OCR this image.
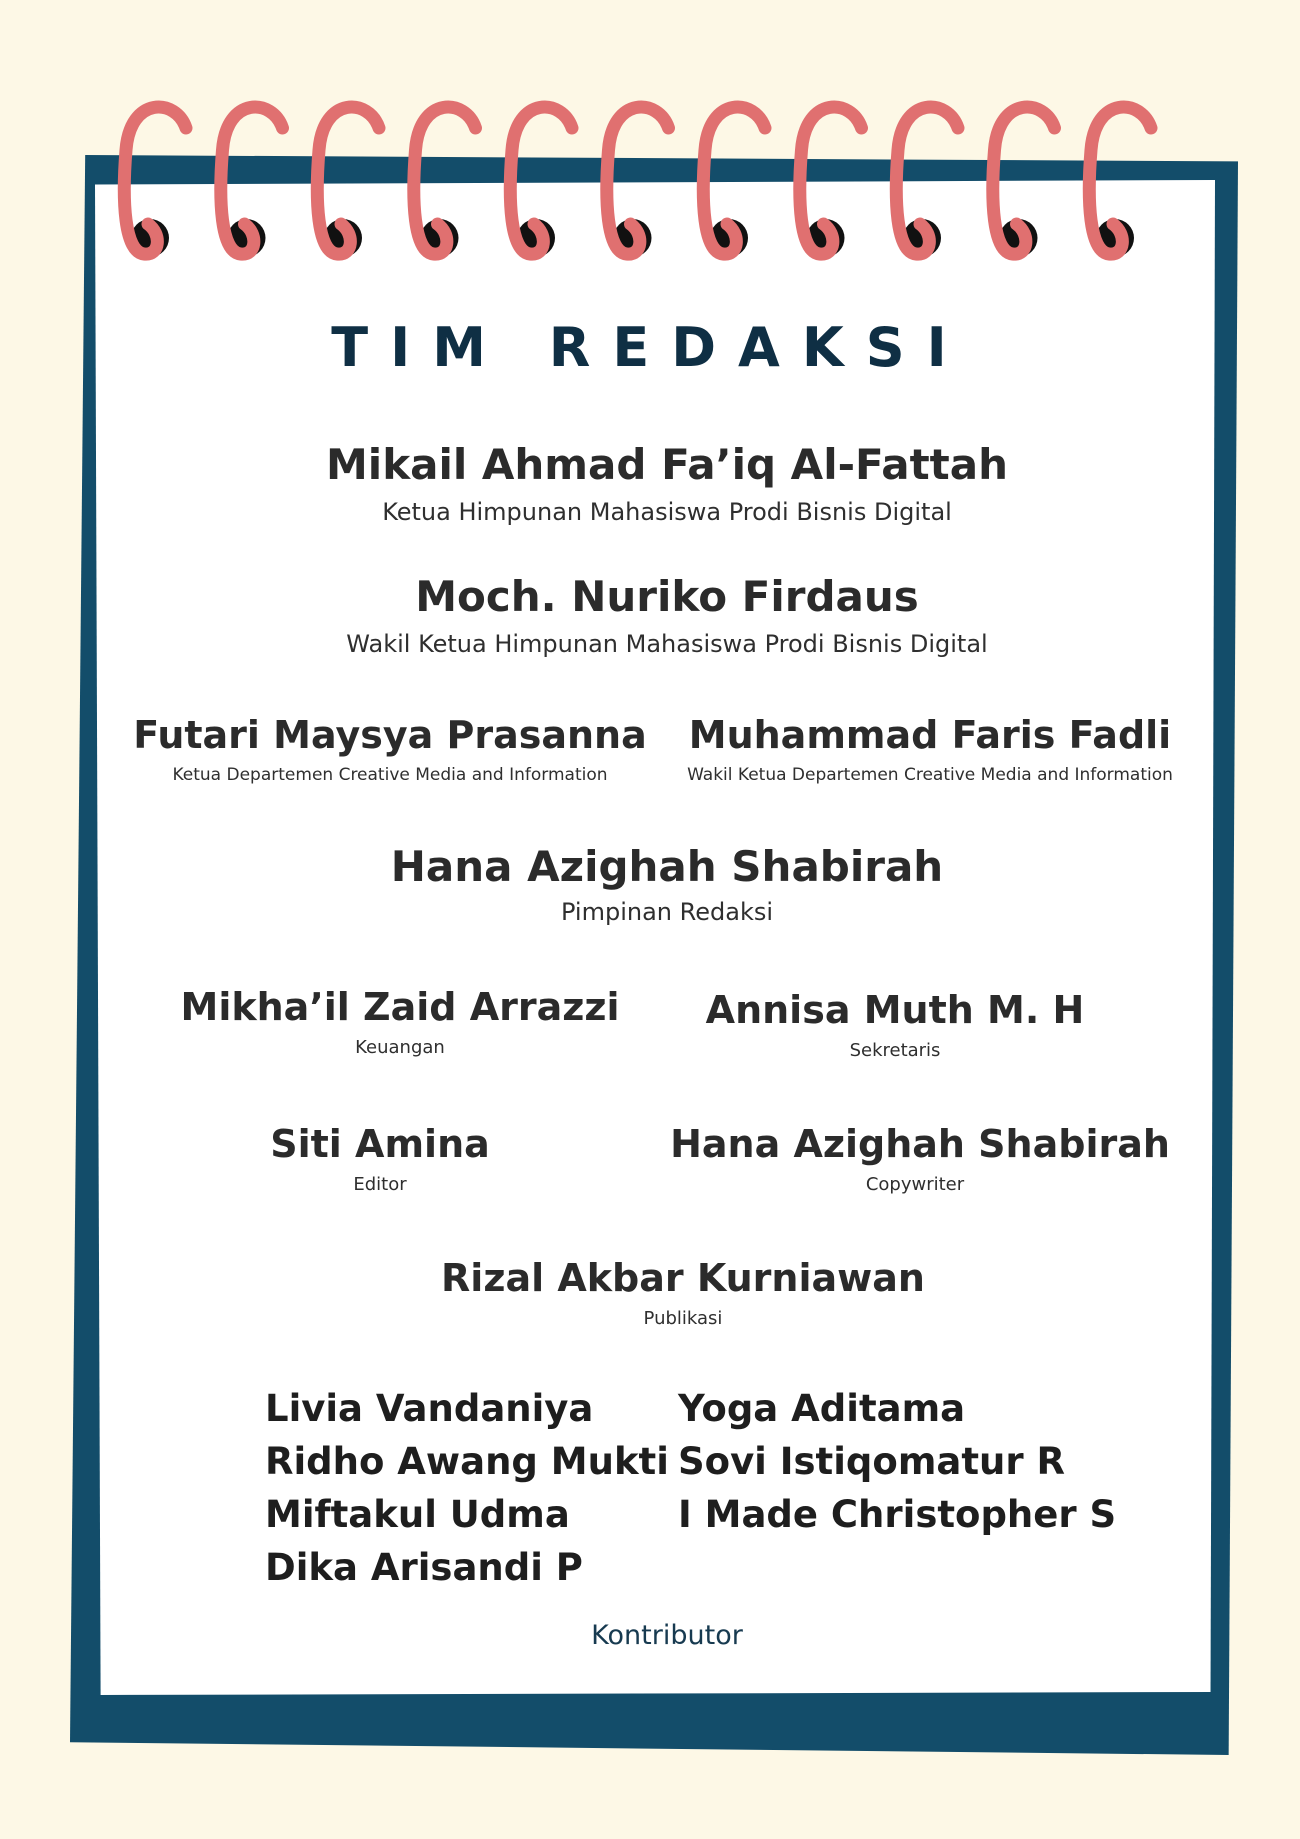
TIM REDAKSI
Mikail Ahmad Fa’iq Al-Fattah
Ketua Himpunan Mahasiswa Prodi Bisnis Digital
Moch. Nuriko Firdaus
Wakil Ketua Himpunan Mahasiswa Prodi Bisnis Digital
Futari Maysya Prasanna
Ketua Departemen Creative Media and Information
Muhammad Faris Fadli
Wakil Ketua Departemen Creative Media and Information
Hana Azighah Shabirah
Pimpinan Redaksi
Mikha’il Zaid Arrazzi
Keuangan
Annisa Muth M. H
Sekretaris
Siti Amina
Editor
Hana Azighah Shabirah
Copywriter
Rizal Akbar Kurniawan
Publikasi
Livia Vandaniya
Ridho Awang Mukti
Miftakul Udma
Dika Arisandi P
Yoga Aditama
Sovi Istiqomatur R
I Made Christopher S
Kontributor
